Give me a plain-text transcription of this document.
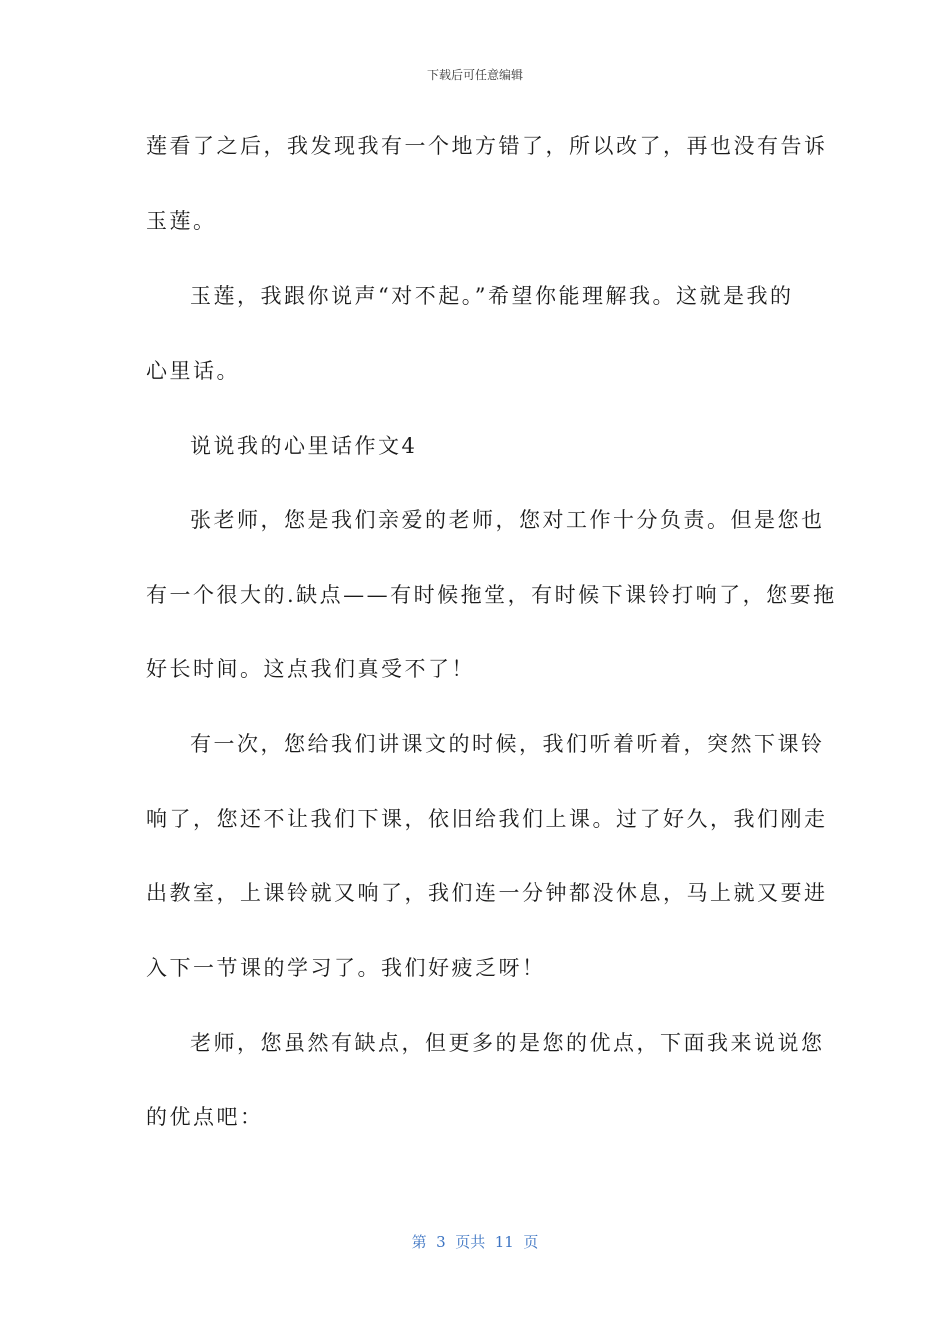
下载后可任意编辑
莲看了之后，我发现我有一个地方错了，所以改了，再也没有告诉
玉莲。
玉莲，我跟你说声“对不起。”希望你能理解我。这就是我的
心里话。
说说我的心里话作文4
张老师，您是我们亲爱的老师，您对工作十分负责。但是您也
有一个很大的.缺点——有时候拖堂，有时候下课铃打响了，您要拖
好长时间。这点我们真受不了！
有一次，您给我们讲课文的时候，我们听着听着，突然下课铃
响了，您还不让我们下课，依旧给我们上课。过了好久，我们刚走
出教室，上课铃就又响了，我们连一分钟都没休息，马上就又要进
入下一节课的学习了。我们好疲乏呀！
老师，您虽然有缺点，但更多的是您的优点，下面我来说说您
的优点吧：
第  3  页共  11  页
